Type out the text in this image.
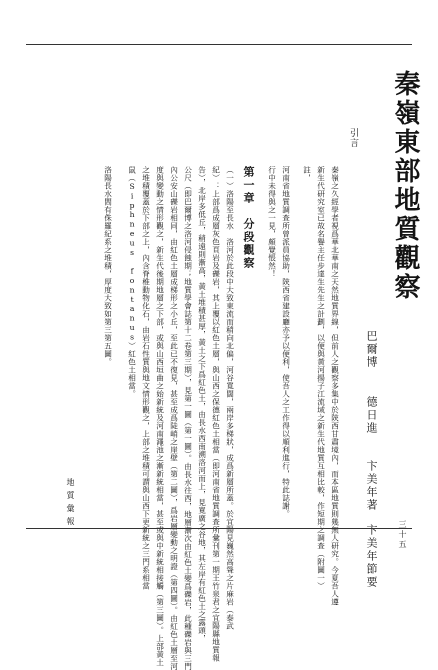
秦嶺東部地質觀察
巴爾博
德日進
卞美年著
卞美年節要
引言
秦嶺之久經學者視爲華北華南之天然地質界線，但前人之觀察多集中於陝西甘肅境內，而本區地質則幾無人研究。今夏吾人遵
新生代研究室已故名譽主任步達生先生之計劃，以便與黃河揚子江流域之新生代地質互相比較，作短期之調查（附圖一）
註，
河南省地質調查所曾派員協助，陝西省建設廳亦予以便利，使吾人之工作得以順利進行，特此誌謝。
行中未得與之一見，頗覺悵然！
第一章　分段觀察
（一）洛陽至長水　洛河於此段中大致東流而稍向北偏，河谷寬闊，兩岸多梯狀，成爲新層所蓋。於宜陽見巍然高聳之片麻岩（泰武
紀）：上部爲成層灰色頁岩及礫岩，其上覆以紅色土層，與山西之保德紅色土相當（即河南省地質調查所彙刊第一期王竹泉君之宜陽縣地質報
告），北岸多低丘，稍遠則漸高，黃土堆積甚厚，黃土之下爲紅色土，由長水西南溯洛河而上，見寬廣之谷地，其左岸有紅色土之露頭，
公尺（即巴爾博之洛河侵蝕期；地質學會誌第十二卷第三期），見第一圖（第一圖）。由長水往西，地層漸次由紅色土變爲礫岩，此種礫岩與三門
內公安山礫岩相同，由紅色土層成梯形之小丘，至此已不復見，甚至成爲陡峭之崖壁（第二圖），爲岩層變動之明證（第四圖）。由紅色土層至河
度與變動之情形觀之，新生代後期地層之下部，或與山西垣曲之始新統及河南澠池之漸新統相當，甚至或與中新統相接觸（第三圖）。上部黃土
之堆積覆蓋於下部之上，內含脊椎動物化石，由岩石性質與地文情形觀之，上部之堆積可謂與山西下更新統之三門系相當
鼠（Siphneus fontanus）紅色土相當。
洛陽長水間有侏羅紀系之堆積，厚度大致如第三第五圖。
地質彙報
三十五
